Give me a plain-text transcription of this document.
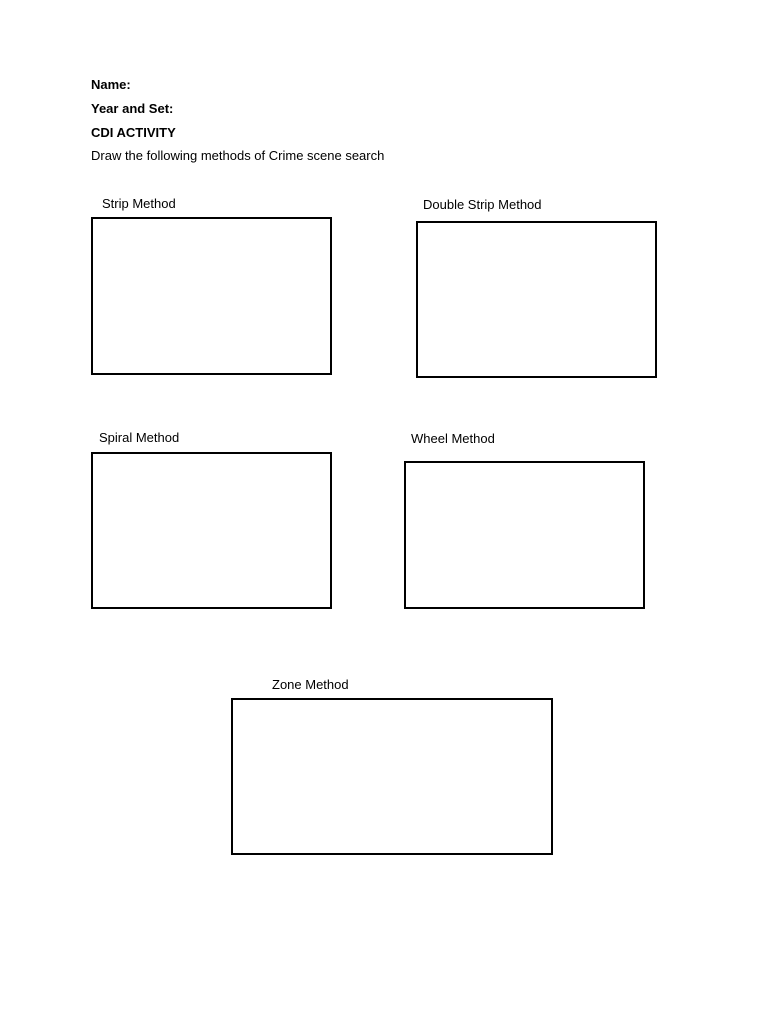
Name:
Year and Set:
CDI ACTIVITY
Draw the following methods of Crime scene search
Strip Method	Double Strip Method
Spiral Method	Wheel Method
Zone Method
